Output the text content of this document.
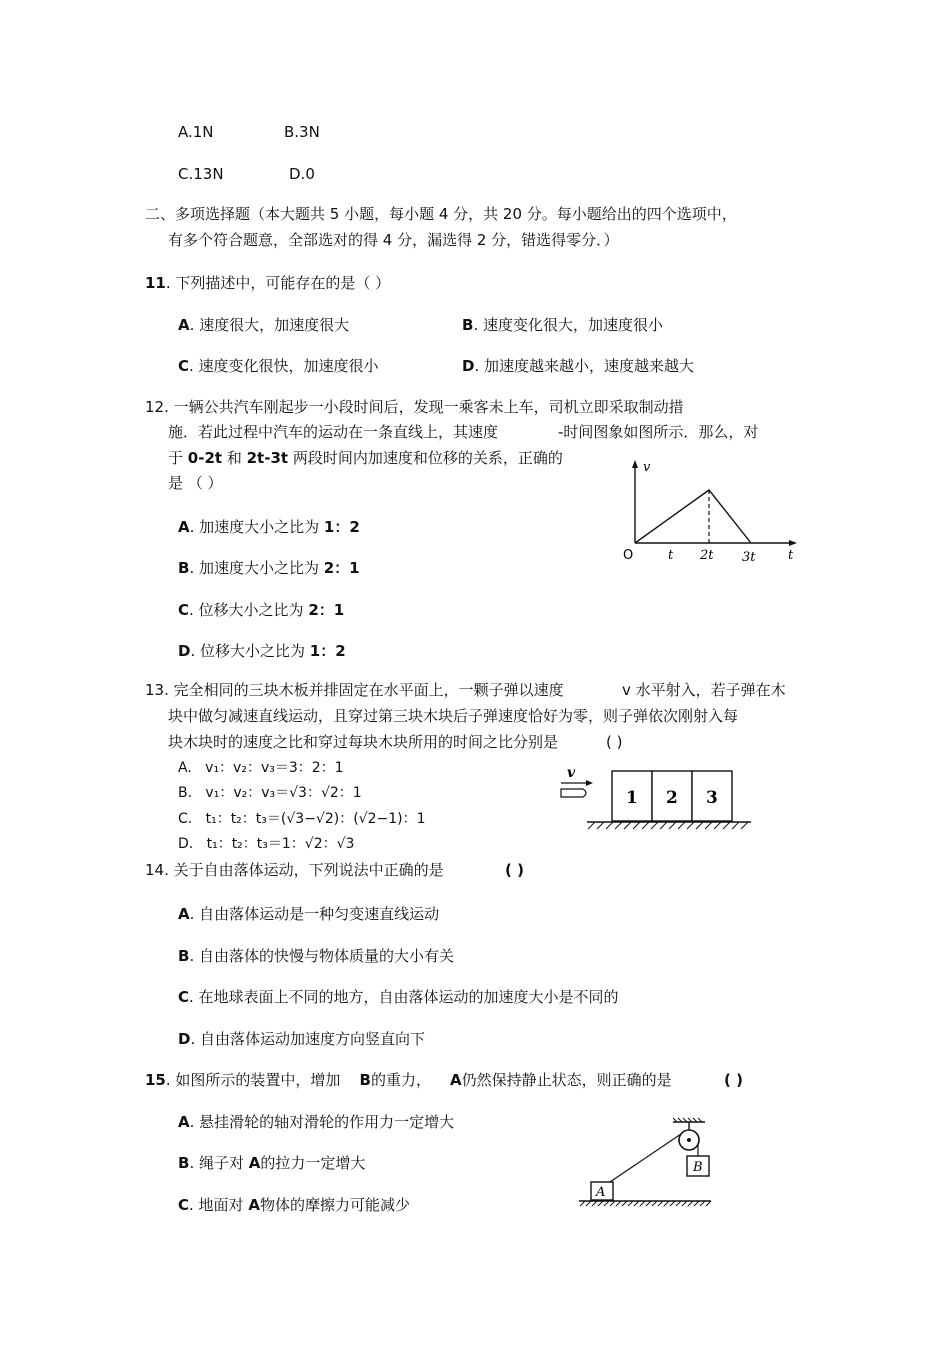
A.1N	B.3N
C.13N	D.0
二、多项选择题（本大题共 5 小题，每小题 4 分，共 20 分。每小题给出的四个选项中，
有多个符合题意，全部选对的得 4 分，漏选得 2 分，错选得零分．）
11. 下列描述中，可能存在的是（ ）
A. 速度很大，加速度很大	B. 速度变化很大，加速度很小
C. 速度变化很快，加速度很小	D. 加速度越来越小，速度越来越大
12. 一辆公共汽车刚起步一小段时间后，发现一乘客未上车，司机立即采取制动措
施．若此过程中汽车的运动在一条直线上，其速度	-时间图象如图所示．那么，对
于 0-2t 和 2t-3t 两段时间内加速度和位移的关系，正确的
是 （ ）
A. 加速度大小之比为 1：2
B. 加速度大小之比为 2：1
C. 位移大小之比为 2：1
D. 位移大小之比为 1：2
v
t
O	t 2t 3t
13. 完全相同的三块木板并排固定在水平面上，一颗子弹以速度	v 水平射入，若子弹在木
块中做匀减速直线运动，且穿过第三块木块后子弹速度恰好为零，则子弹依次刚射入每
块木块时的速度之比和穿过每块木块所用的时间之比分别是	( )
A.   v₁：v₂：v₃＝3：2：1
B.   v₁：v₂：v₃＝√3：√2：1
C.   t₁：t₂：t₃＝(√3−√2)：(√2−1)：1
D.   t₁：t₂：t₃＝1：√2：√3
v
1 2 3
14. 关于自由落体运动，下列说法中正确的是	( )
A. 自由落体运动是一种匀变速直线运动
B. 自由落体的快慢与物体质量的大小有关
C. 在地球表面上不同的地方，自由落体运动的加速度大小是不同的
D. 自由落体运动加速度方向竖直向下
15. 如图所示的装置中，增加 B的重力， A仍然保持静止状态，则正确的是	( )
A. 悬挂滑轮的轴对滑轮的作用力一定增大
B. 绳子对 A的拉力一定增大
C. 地面对 A物体的摩擦力可能减少
B
A
